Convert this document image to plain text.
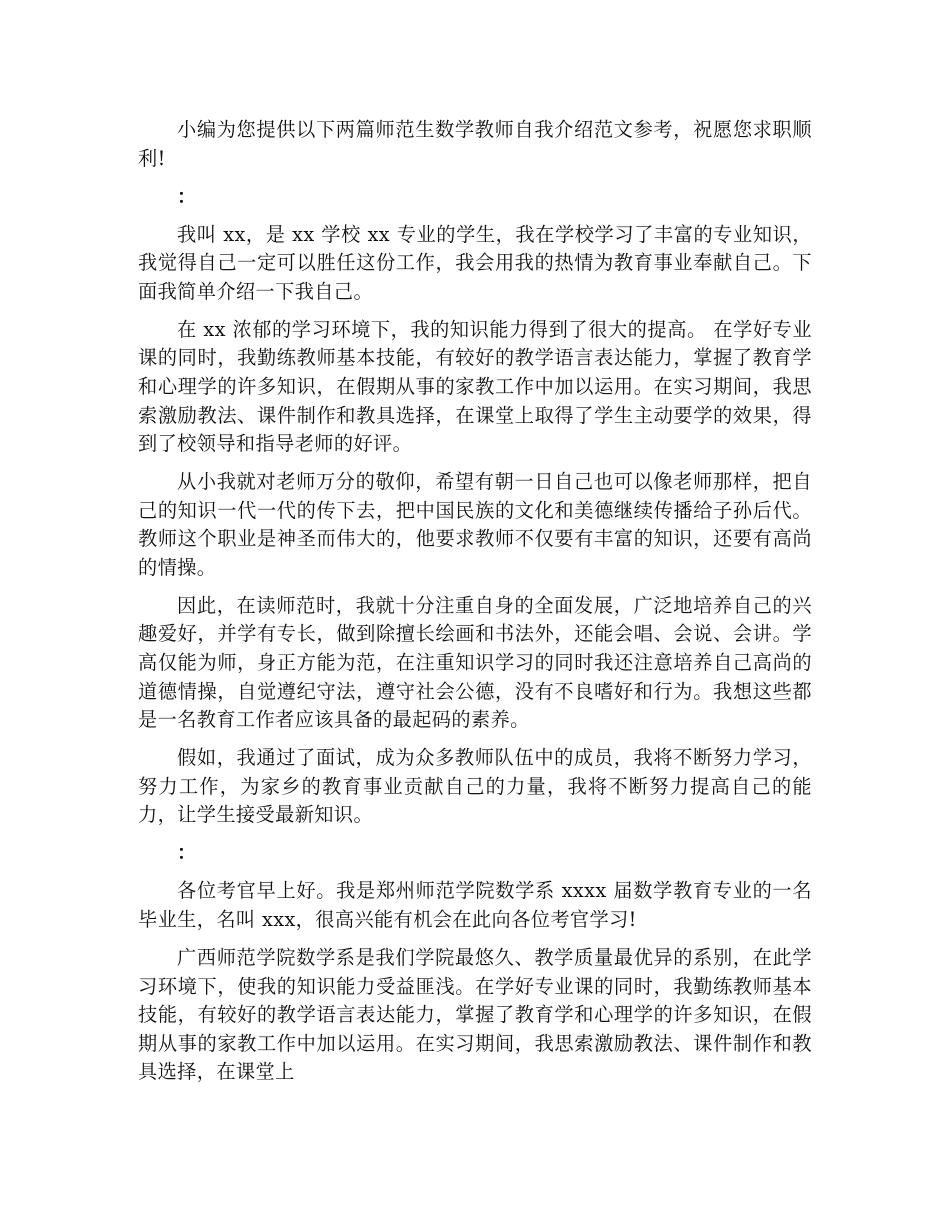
小编为您提供以下两篇师范生数学教师自我介绍范文参考，祝愿您求职顺利!

：

我叫 xx，是 xx 学校 xx 专业的学生，我在学校学习了丰富的专业知识，我觉得自己一定可以胜任这份工作，我会用我的热情为教育事业奉献自己。下面我简单介绍一下我自己。

在 xx 浓郁的学习环境下，我的知识能力得到了很大的提高。 在学好专业课的同时，我勤练教师基本技能，有较好的教学语言表达能力，掌握了教育学和心理学的许多知识，在假期从事的家教工作中加以运用。在实习期间，我思索激励教法、课件制作和教具选择，在课堂上取得了学生主动要学的效果，得到了校领导和指导老师的好评。

从小我就对老师万分的敬仰，希望有朝一日自己也可以像老师那样，把自己的知识一代一代的传下去，把中国民族的文化和美德继续传播给子孙后代。教师这个职业是神圣而伟大的，他要求教师不仅要有丰富的知识，还要有高尚的情操。

因此，在读师范时，我就十分注重自身的全面发展，广泛地培养自己的兴趣爱好，并学有专长，做到除擅长绘画和书法外，还能会唱、会说、会讲。学高仅能为师，身正方能为范，在注重知识学习的同时我还注意培养自己高尚的道德情操，自觉遵纪守法，遵守社会公德，没有不良嗜好和行为。我想这些都是一名教育工作者应该具备的最起码的素养。

假如，我通过了面试，成为众多教师队伍中的成员，我将不断努力学习，努力工作，为家乡的教育事业贡献自己的力量，我将不断努力提高自己的能力，让学生接受最新知识。

：

各位考官早上好。我是郑州师范学院数学系 xxxx 届数学教育专业的一名毕业生，名叫 xxx，很高兴能有机会在此向各位考官学习!

广西师范学院数学系是我们学院最悠久、教学质量最优异的系别，在此学习环境下，使我的知识能力受益匪浅。在学好专业课的同时，我勤练教师基本技能，有较好的教学语言表达能力，掌握了教育学和心理学的许多知识，在假期从事的家教工作中加以运用。在实习期间，我思索激励教法、课件制作和教具选择，在课堂上
